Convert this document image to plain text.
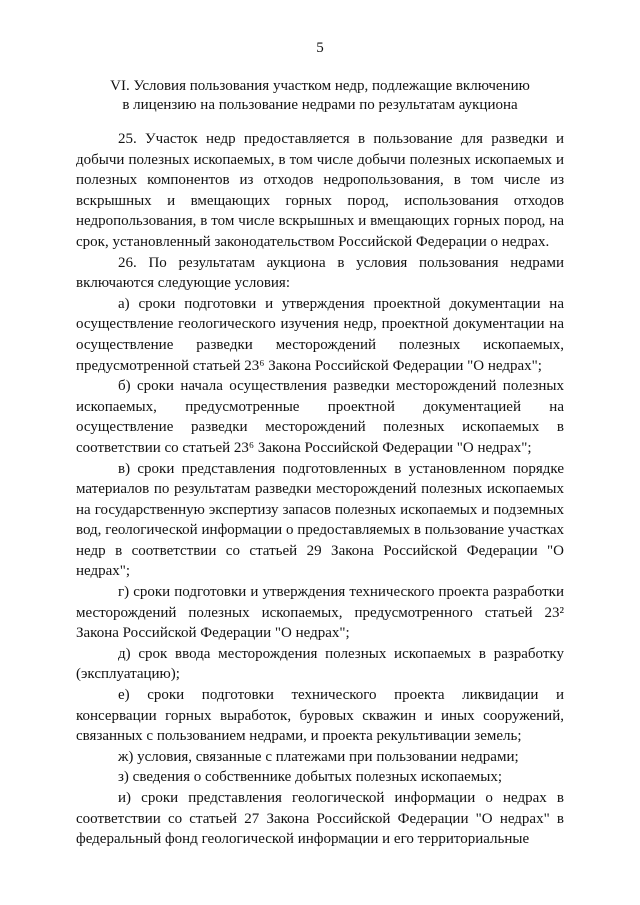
5
VI. Условия пользования участком недр, подлежащие включению
в лицензию на пользование недрами по результатам аукциона

25. Участок недр предоставляется в пользование для разведки и добычи полезных ископаемых, в том числе добычи полезных ископаемых и полезных компонентов из отходов недропользования, в том числе из вскрышных и вмещающих горных пород, использования отходов недропользования, в том числе вскрышных и вмещающих горных пород, на срок, установленный законодательством Российской Федерации о недрах.

26. По результатам аукциона в условия пользования недрами включаются следующие условия:

а) сроки подготовки и утверждения проектной документации на осуществление геологического изучения недр, проектной документации на осуществление разведки месторождений полезных ископаемых, предусмотренной статьей 23⁶ Закона Российской Федерации "О недрах";

б) сроки начала осуществления разведки месторождений полезных ископаемых, предусмотренные проектной документацией на осуществление разведки месторождений полезных ископаемых в соответствии со статьей 23⁶ Закона Российской Федерации "О недрах";

в) сроки представления подготовленных в установленном порядке материалов по результатам разведки месторождений полезных ископаемых на государственную экспертизу запасов полезных ископаемых и подземных вод, геологической информации о предоставляемых в пользование участках недр в соответствии со статьей 29 Закона Российской Федерации "О недрах";

г) сроки подготовки и утверждения технического проекта разработки месторождений полезных ископаемых, предусмотренного статьей 23² Закона Российской Федерации "О недрах";

д) срок ввода месторождения полезных ископаемых в разработку (эксплуатацию);

е) сроки подготовки технического проекта ликвидации и консервации горных выработок, буровых скважин и иных сооружений, связанных с пользованием недрами, и проекта рекультивации земель;

ж) условия, связанные с платежами при пользовании недрами;

з) сведения о собственнике добытых полезных ископаемых;

и) сроки представления геологической информации о недрах в соответствии со статьей 27 Закона Российской Федерации "О недрах" в федеральный фонд геологической информации и его территориальные
